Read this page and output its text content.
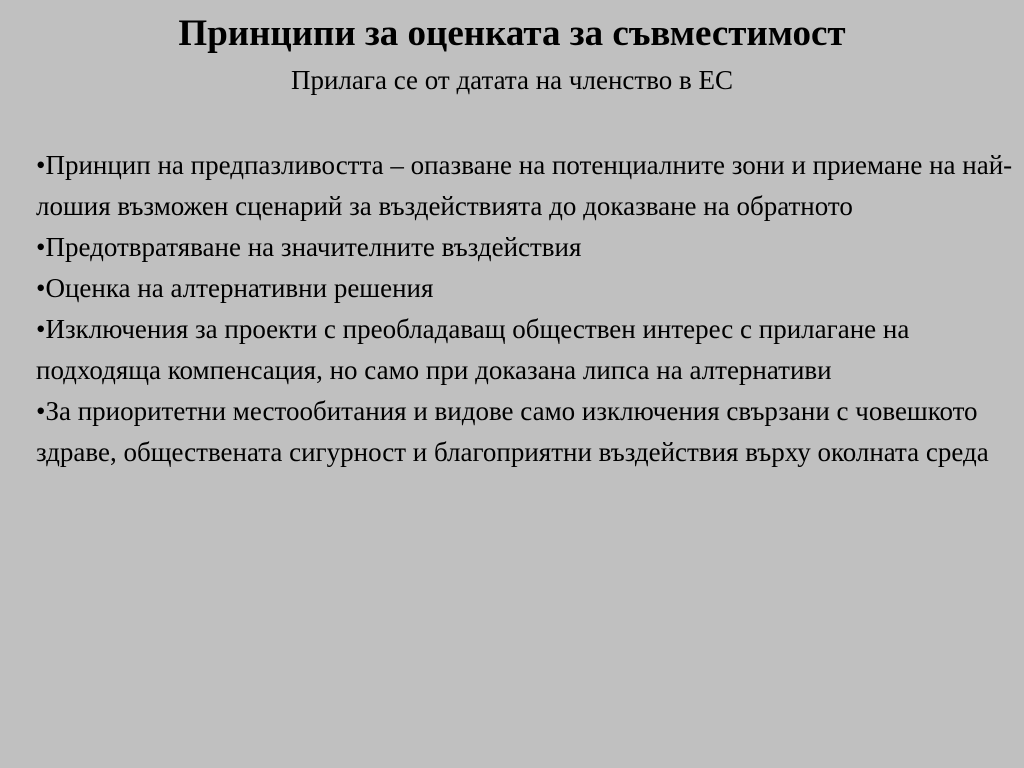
Принципи за оценката за съвместимост

Прилага се от датата на членство в ЕС

•Принцип на предпазливостта – опазване на потенциалните зони и приемане на най-лошия възможен сценарий за въздействията до доказване на обратното
•Предотвратяване на значителните въздействия
•Оценка на алтернативни решения
•Изключения за проекти с преобладаващ обществен интерес с прилагане на подходяща компенсация, но само при доказана липса на алтернативи
•За приоритетни местообитания и видове само изключения свързани с човешкото здраве, обществената сигурност и благоприятни въздействия върху околната среда
